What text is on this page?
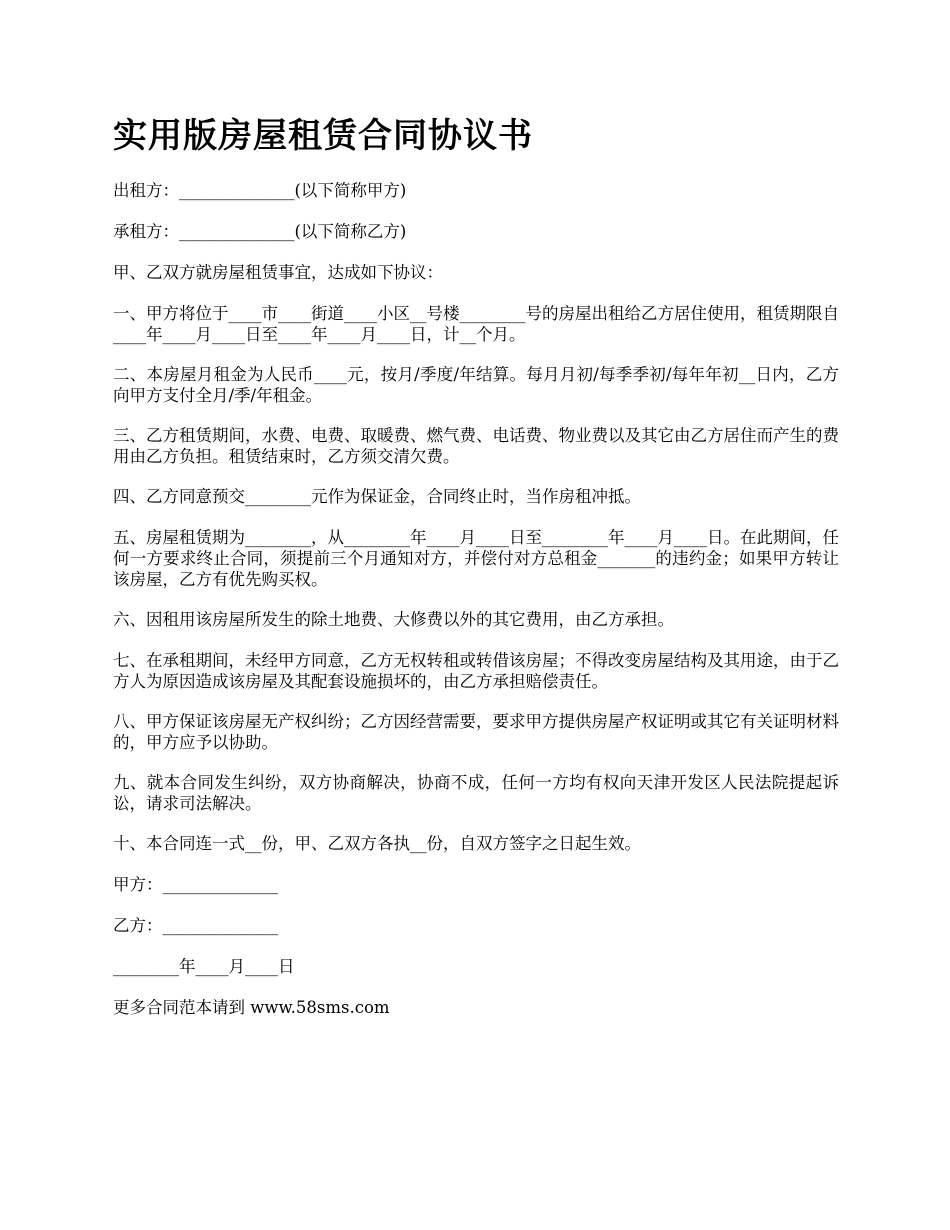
实用版房屋租赁合同协议书

出租方：______________(以下简称甲方)

承租方：______________(以下简称乙方)

甲、乙双方就房屋租赁事宜，达成如下协议：

一、甲方将位于____市____街道____小区__号楼________号的房屋出租给乙方居住使用，租赁期限自____年____月____日至____年____月____日，计__个月。

二、本房屋月租金为人民币____元，按月/季度/年结算。每月月初/每季季初/每年年初__日内，乙方向甲方支付全月/季/年租金。

三、乙方租赁期间，水费、电费、取暖费、燃气费、电话费、物业费以及其它由乙方居住而产生的费用由乙方负担。租赁结束时，乙方须交清欠费。

四、乙方同意预交________元作为保证金，合同终止时，当作房租冲抵。

五、房屋租赁期为________，从________年____月____日至________年____月____日。在此期间，任何一方要求终止合同，须提前三个月通知对方，并偿付对方总租金_______的违约金；如果甲方转让该房屋，乙方有优先购买权。

六、因租用该房屋所发生的除土地费、大修费以外的其它费用，由乙方承担。

七、在承租期间，未经甲方同意，乙方无权转租或转借该房屋；不得改变房屋结构及其用途，由于乙方人为原因造成该房屋及其配套设施损坏的，由乙方承担赔偿责任。

八、甲方保证该房屋无产权纠纷；乙方因经营需要，要求甲方提供房屋产权证明或其它有关证明材料的，甲方应予以协助。

九、就本合同发生纠纷，双方协商解决，协商不成，任何一方均有权向天津开发区人民法院提起诉讼，请求司法解决。

十、本合同连一式__份，甲、乙双方各执__份，自双方签字之日起生效。

甲方：______________

乙方：______________

________年____月____日

更多合同范本请到 www.58sms.com
